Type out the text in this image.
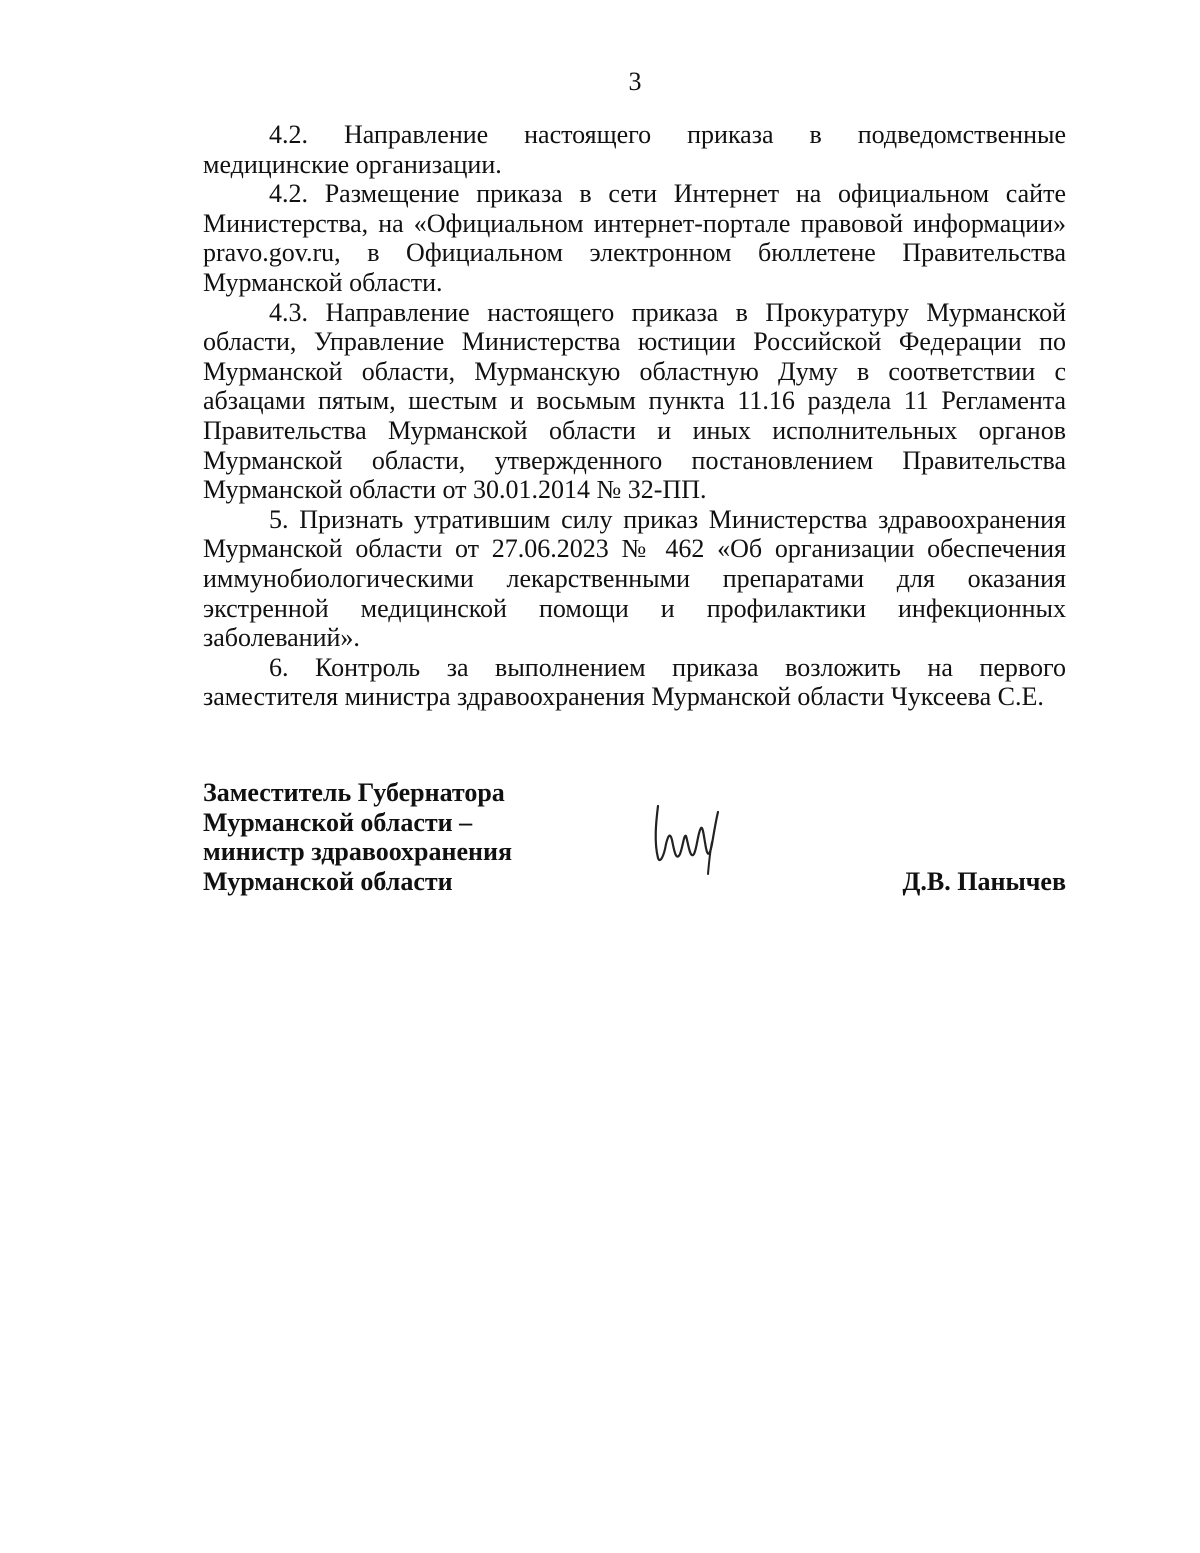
3

4.2. Направление настоящего приказа в подведомственные медицинские организации.

4.2. Размещение приказа в сети Интернет на официальном сайте Министерства, на «Официальном интернет-портале правовой информации» pravo.gov.ru, в Официальном электронном бюллетене Правительства Мурманской области.

4.3. Направление настоящего приказа в Прокуратуру Мурманской области, Управление Министерства юстиции Российской Федерации по Мурманской области, Мурманскую областную Думу в соответствии с абзацами пятым, шестым и восьмым пункта 11.16 раздела 11 Регламента Правительства Мурманской области и иных исполнительных органов Мурманской области, утвержденного постановлением Правительства Мурманской области от 30.01.2014 № 32-ПП.

5. Признать утратившим силу приказ Министерства здравоохранения Мурманской области от 27.06.2023 № 462 «Об организации обеспечения иммунобиологическими лекарственными препаратами для оказания экстренной медицинской помощи и профилактики инфекционных заболеваний».

6. Контроль за выполнением приказа возложить на первого заместителя министра здравоохранения Мурманской области Чуксеева С.Е.

Заместитель Губернатора
Мурманской области –
министр здравоохранения
Мурманской области	Д.В. Панычев
